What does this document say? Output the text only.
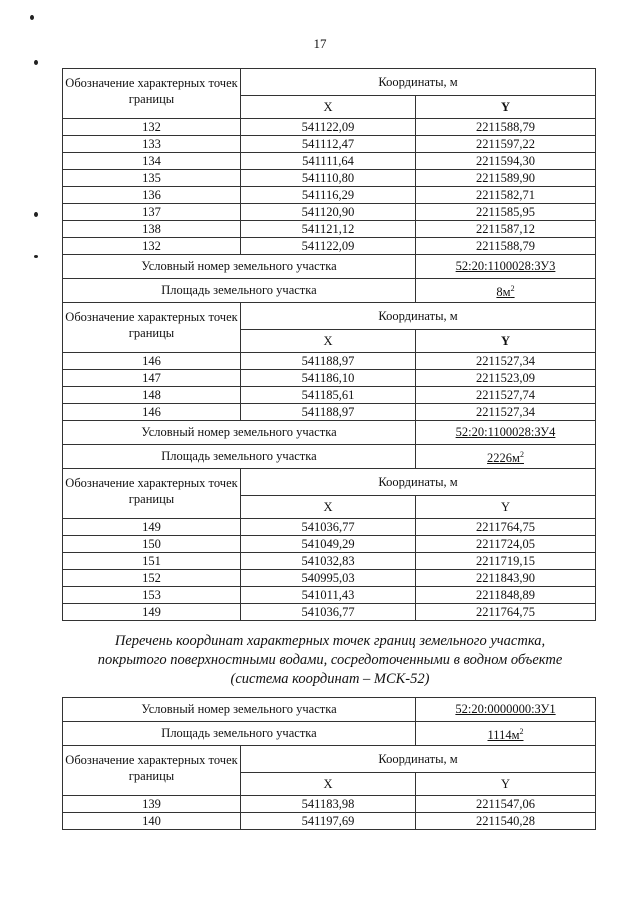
17
Обозначение характерных точек границы	Координаты, м	
	X	Y
132	541122,09	2211588,79
133	541112,47	2211597,22
134	541111,64	2211594,30
135	541110,80	2211589,90
136	541116,29	2211582,71
137	541120,90	2211585,95
138	541121,12	2211587,12
132	541122,09	2211588,79
Условный номер земельного участка		52:20:1100028:ЗУ3
Площадь земельного участка		$8м^2$
Обозначение характерных точек границы	Координаты, м	
	X	Y
146	541188,97	2211527,34
147	541186,10	2211523,09
148	541185,61	2211527,74
146	541188,97	2211527,34
Условный номер земельного участка		52:20:1100028:ЗУ4
Площадь земельного участка		$2226м^2$
Обозначение характерных точек границы	Координаты, м	
	X	Y
149	541036,77	2211764,75
150	541049,29	2211724,05
151	541032,83	2211719,15
152	540995,03	2211843,90
153	541011,43	2211848,89
149	541036,77	2211764,75
Перечень координат характерных точек границ земельного участка,
покрытого поверхностными водами, сосредоточенными в водном объекте
(система координат – МСК-52)
Условный номер земельного участка		52:20:0000000:ЗУ1
Площадь земельного участка		$1114м^2$
Обозначение характерных точек границы	Координаты, м	
	X	Y
139	541183,98	2211547,06
140	541197,69	2211540,28
